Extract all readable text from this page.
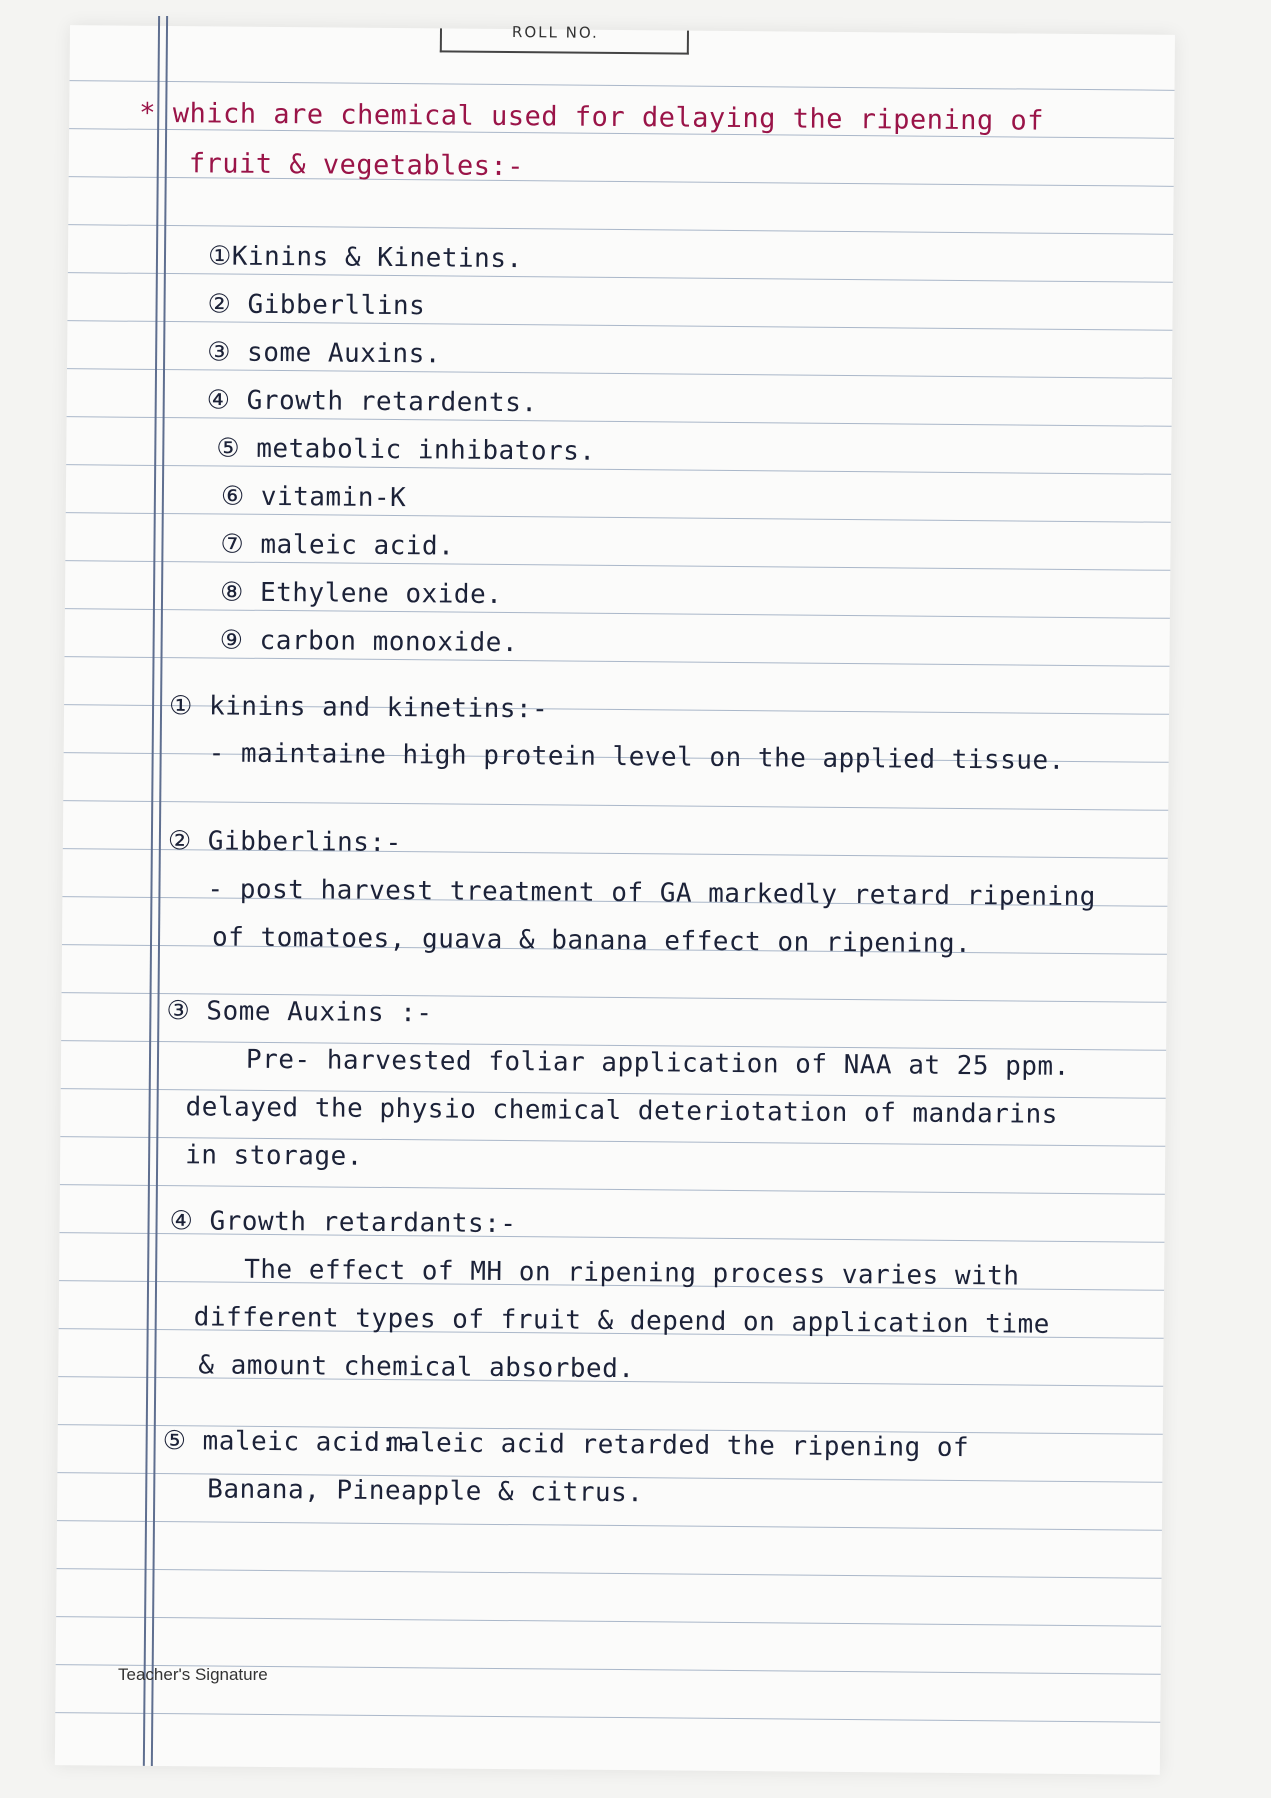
ROLL NO.
* which are chemical used for delaying the ripening of
fruit & vegetables:-
①Kinins & Kinetins.
② Gibberllins
③ some Auxins.
④ Growth retardents.
⑤ metabolic inhibators.
⑥ vitamin-K
⑦ maleic acid.
⑧ Ethylene oxide.
⑨ carbon monoxide.
① kinins and kinetins:-
- maintaine high protein level on the applied tissue.
② Gibberlins:-
- post harvest treatment of GA markedly retard ripening
of tomatoes, guava & banana effect on ripening.
③ Some Auxins :-
Pre- harvested foliar application of NAA at 25 ppm.
delayed the physio chemical deteriotation of mandarins
in storage.
④ Growth retardants:-
The effect of MH on ripening process varies with
different types of fruit & depend on application time
& amount chemical absorbed.
⑤ maleic acid:-
maleic acid retarded the ripening of
Banana, Pineapple & citrus.
Teacher's Signature
